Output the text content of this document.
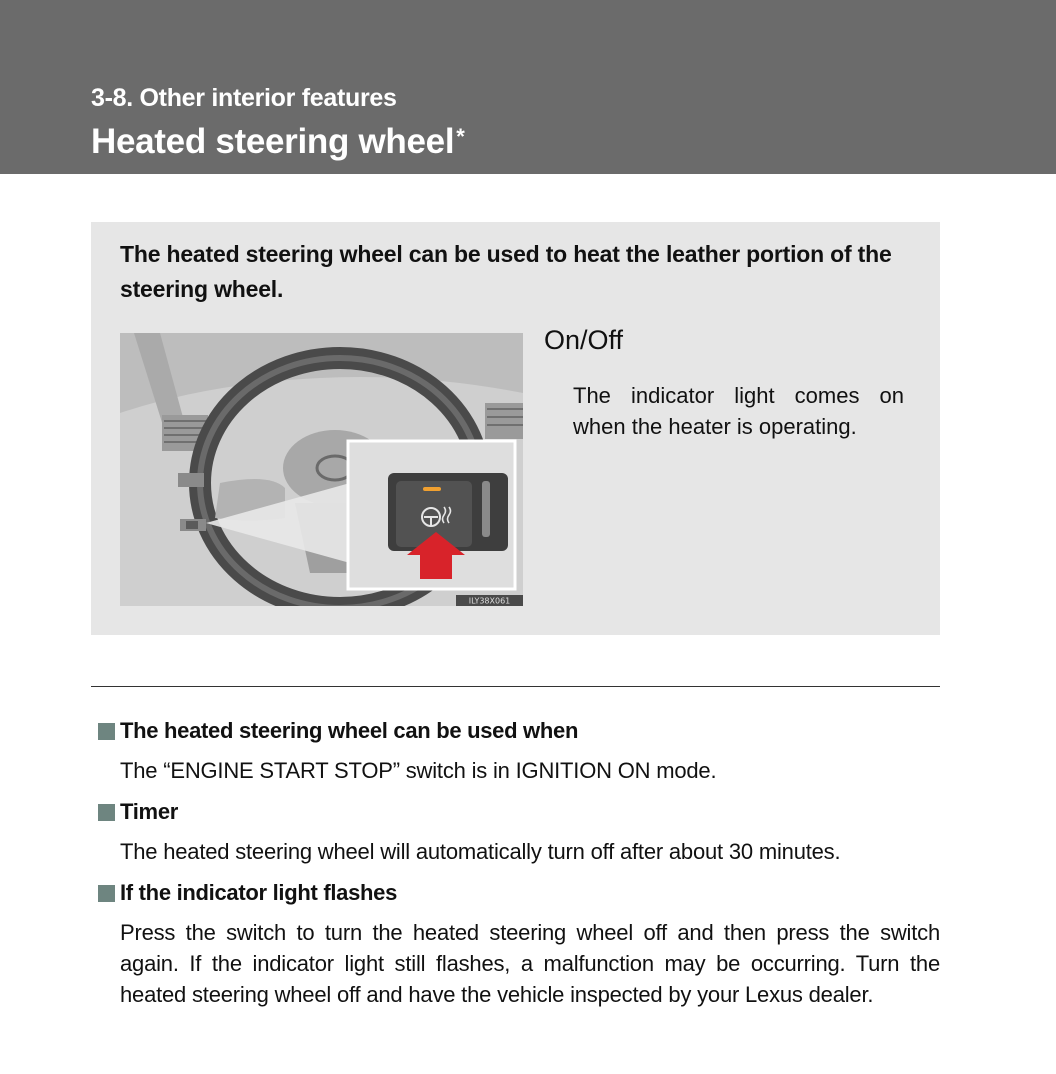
3-8. Other interior features
Heated steering wheel*
The heated steering wheel can be used to heat the leather portion of the steering wheel.
ILY38X061
On/Off
The indicator light comes on when the heater is operating.
The heated steering wheel can be used when
The “ENGINE START STOP” switch is in IGNITION ON mode.
Timer
The heated steering wheel will automatically turn off after about 30 minutes.
If the indicator light flashes
Press the switch to turn the heated steering wheel off and then press the switch again. If the indicator light still flashes, a malfunction may be occurring. Turn the heated steering wheel off and have the vehicle inspected by your Lexus dealer.
